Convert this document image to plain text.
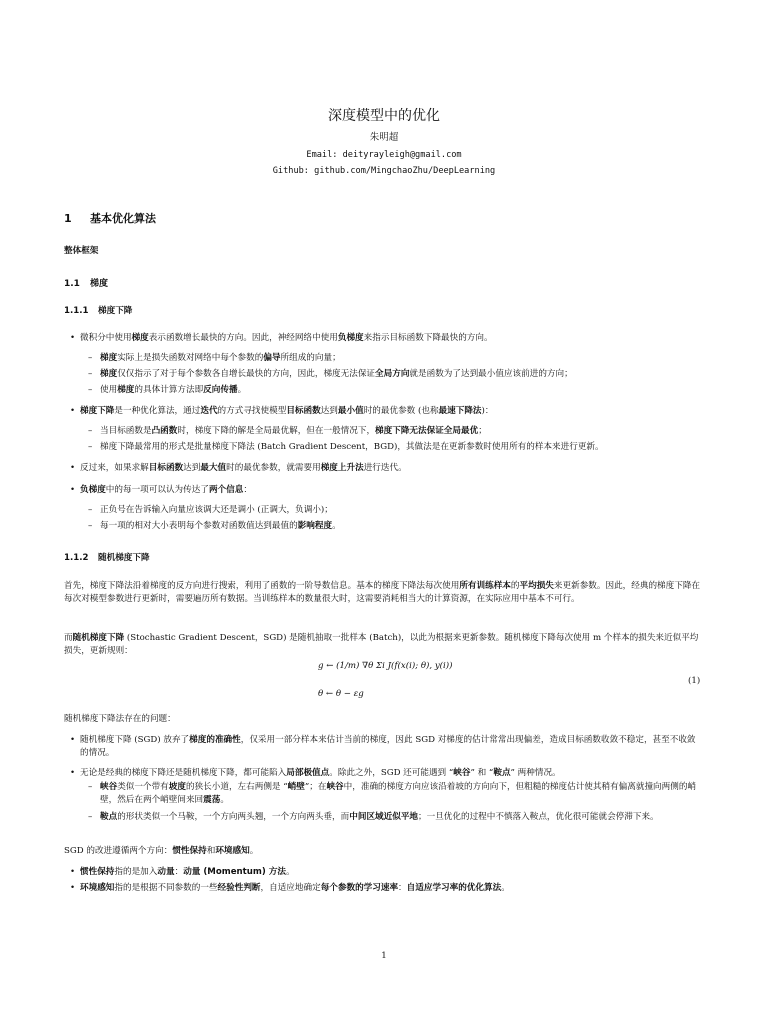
深度模型中的优化
朱明超
Email: deityrayleigh@gmail.com
Github: github.com/MingchaoZhu/DeepLearning
1 基本优化算法
整体框架
1.1 梯度
1.1.1 梯度下降
• 微积分中使用梯度表示函数增长最快的方向。因此，神经网络中使用负梯度来指示目标函数下降最快的方向。
– 梯度实际上是损失函数对网络中每个参数的偏导所组成的向量；
– 梯度仅仅指示了对于每个参数各自增长最快的方向，因此，梯度无法保证全局方向就是函数为了达到最小值应该前进的方向；
– 使用梯度的具体计算方法即反向传播。
• 梯度下降是一种优化算法，通过迭代的方式寻找使模型目标函数达到最小值时的最优参数 (也称最速下降法)：
– 当目标函数是凸函数时，梯度下降的解是全局最优解，但在一般情况下，梯度下降无法保证全局最优；
– 梯度下降最常用的形式是批量梯度下降法 (Batch Gradient Descent，BGD)，其做法是在更新参数时使用所有的样本来进行更新。
• 反过来，如果求解目标函数达到最大值时的最优参数，就需要用梯度上升法进行迭代。
• 负梯度中的每一项可以认为传达了两个信息：
– 正负号在告诉输入向量应该调大还是调小 (正调大，负调小)；
– 每一项的相对大小表明每个参数对函数值达到最值的影响程度。
1.1.2 随机梯度下降
首先，梯度下降法沿着梯度的反方向进行搜索，利用了函数的一阶导数信息。基本的梯度下降法每次使用所有训练样本的平均损失来更新参数。因此，经典的梯度下降在每次对模型参数进行更新时，需要遍历所有数据。当训练样本的数量很大时，这需要消耗相当大的计算资源，在实际应用中基本不可行。
而随机梯度下降 (Stochastic Gradient Descent，SGD) 是随机抽取一批样本 (Batch)，以此为根据来更新参数。随机梯度下降每次使用 m 个样本的损失来近似平均损失，更新规则：
g ← (1/m) ∇θ Σi J(f(x(i); θ), y(i))
θ ← θ − εg
(1)
随机梯度下降法存在的问题：
• 随机梯度下降 (SGD) 放弃了梯度的准确性，仅采用一部分样本来估计当前的梯度，因此 SGD 对梯度的估计常常出现偏差，造成目标函数收敛不稳定，甚至不收敛的情况。
• 无论是经典的梯度下降还是随机梯度下降，都可能陷入局部极值点。除此之外，SGD 还可能遇到 “峡谷” 和 “鞍点” 两种情况。
– 峡谷类似一个带有坡度的狭长小道，左右两侧是 “峭壁”；在峡谷中，准确的梯度方向应该沿着坡的方向向下，但粗糙的梯度估计使其稍有偏离就撞向两侧的峭壁，然后在两个峭壁间来回震荡。
– 鞍点的形状类似一个马鞍，一个方向两头翘，一个方向两头垂，而中间区域近似平地；一旦优化的过程中不慎落入鞍点，优化很可能就会停滞下来。
SGD 的改进遵循两个方向：惯性保持和环境感知。
• 惯性保持指的是加入动量：动量 (Momentum) 方法。
• 环境感知指的是根据不同参数的一些经验性判断，自适应地确定每个参数的学习速率：自适应学习率的优化算法。
1
